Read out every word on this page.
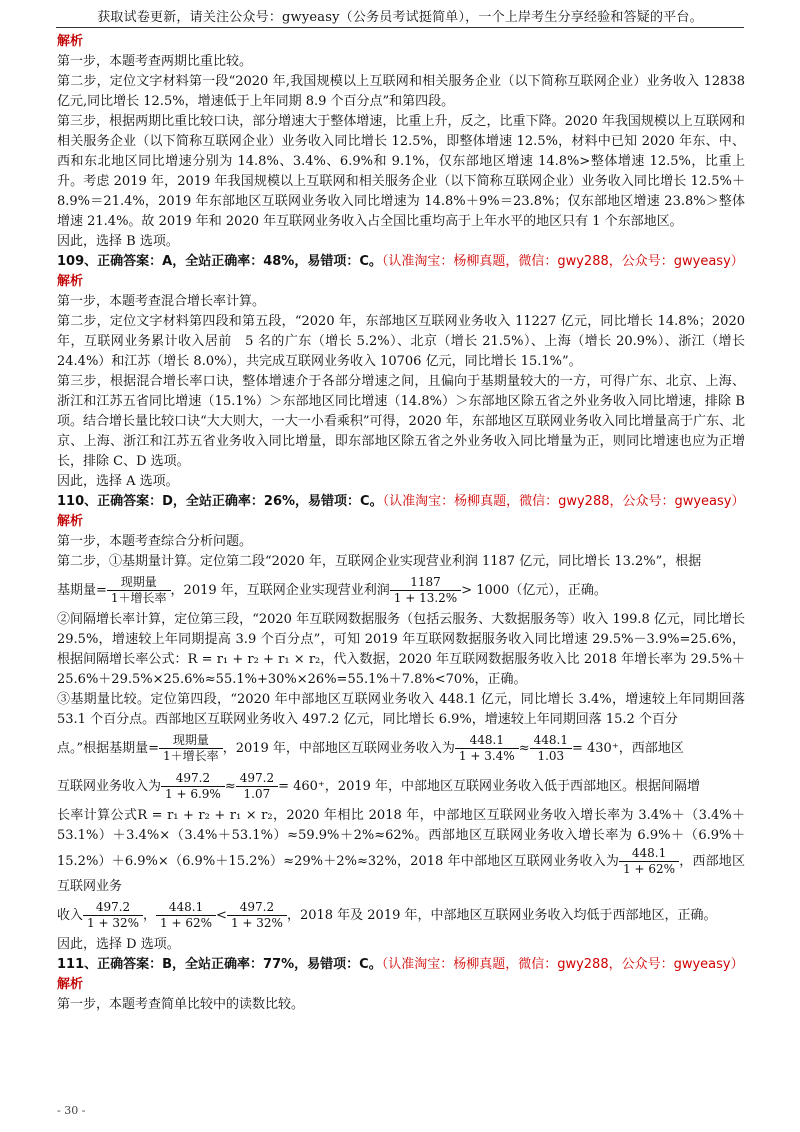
获取试卷更新，请关注公众号：gwyeasy（公务员考试挺简单），一个上岸考生分享经验和答疑的平台。

解析

第一步，本题考查两期比重比较。

第二步，定位文字材料第一段“2020 年,我国规模以上互联网和相关服务企业（以下简称互联网企业）业务收入 12838 亿元,同比增长 12.5%，增速低于上年同期 8.9 个百分点”和第四段。

第三步，根据两期比重比较口诀，部分增速大于整体增速，比重上升，反之，比重下降。2020 年我国规模以上互联网和相关服务企业（以下简称互联网企业）业务收入同比增长 12.5%，即整体增速 12.5%，材料中已知 2020 年东、中、西和东北地区同比增速分别为 14.8%、3.4%、6.9%和 9.1%，仅东部地区增速 14.8%>整体增速 12.5%，比重上升。考虑 2019 年，2019 年我国规模以上互联网和相关服务企业（以下简称互联网企业）业务收入同比增长 12.5%＋8.9%＝21.4%，2019 年东部地区互联网业务收入同比增速为 14.8%＋9%＝23.8%；仅东部地区增速 23.8%＞整体增速 21.4%。故 2019 年和 2020 年互联网业务收入占全国比重均高于上年水平的地区只有 1 个东部地区。

因此，选择 B 选项。

109、正确答案：A，全站正确率：48%，易错项：C。（认准淘宝：杨柳真题，微信：gwy288，公众号：gwyeasy）

解析

第一步，本题考查混合增长率计算。

第二步，定位文字材料第四段和第五段，“2020 年，东部地区互联网业务收入 11227 亿元，同比增长 14.8%；2020 年，互联网业务累计收入居前　5 名的广东（增长 5.2%）、北京（增长 21.5%）、上海（增长 20.9%）、浙江（增长 24.4%）和江苏（增长 8.0%），共完成互联网业务收入 10706 亿元，同比增长 15.1%”。

第三步，根据混合增长率口诀，整体增速介于各部分增速之间，且偏向于基期量较大的一方，可得广东、北京、上海、浙江和江苏五省同比增速（15.1%）＞东部地区同比增速（14.8%）＞东部地区除五省之外业务收入同比增速，排除 B 项。结合增长量比较口诀“大大则大，一大一小看乘积”可得，2020 年，东部地区互联网业务收入同比增量高于广东、北京、上海、浙江和江苏五省业务收入同比增量，即东部地区除五省之外业务收入同比增量为正，则同比增速也应为正增长，排除 C、D 选项。

因此，选择 A 选项。

110、正确答案：D，全站正确率：26%，易错项：C。（认准淘宝：杨柳真题，微信：gwy288，公众号：gwyeasy）

解析

第一步，本题考查综合分析问题。

第二步，①基期量计算。定位第二段“2020 年，互联网企业实现营业利润 1187 亿元，同比增长 13.2%”，根据

基期量= $\frac{\text{现期量}}{\text{1＋增长率}}$ ，2019 年，互联网企业实现营业利润 $\frac{1187}{1 + 13.2\%} > 1000$（亿元），正确。

②间隔增长率计算，定位第三段，“2020 年互联网数据服务（包括云服务、大数据服务等）收入 199.8 亿元，同比增长 29.5%，增速较上年同期提高 3.9 个百分点”，可知 2019 年互联网数据服务收入同比增速 29.5%－3.9%=25.6%，根据间隔增长率公式：R = r₁ + r₂ + r₁ × r₂，代入数据，2020 年互联网数据服务收入比 2018 年增长率为 29.5%＋25.6%＋29.5%×25.6%≈55.1%+30%×26%=55.1%＋7.8%<70%，正确。

③基期量比较。定位第四段，“2020 年中部地区互联网业务收入 448.1 亿元，同比增长 3.4%，增速较上年同期回落 53.1 个百分点。西部地区互联网业务收入 497.2 亿元，同比增长 6.9%，增速较上年同期回落 15.2 个百分

点。”根据基期量= $\frac{\text{现期量}}{\text{1＋增长率}}$ ，2019 年，中部地区互联网业务收入为 $\frac{448.1}{1 + 3.4\%} \approx \frac{448.1}{1.03} = 430^+$，西部地区

互联网业务收入为 $\frac{497.2}{1 + 6.9\%} \approx \frac{497.2}{1.07} = 460^+$，2019 年，中部地区互联网业务收入低于西部地区。根据间隔增

长率计算公式R = r₁ + r₂ + r₁ × r₂，2020 年相比 2018 年，中部地区互联网业务收入增长率为 3.4%＋（3.4%＋53.1%）＋3.4%×（3.4%＋53.1%）≈59.9%＋2%≈62%。西部地区互联网业务收入增长率为 6.9%＋（6.9%＋15.2%）＋6.9%×（6.9%＋15.2%）≈29%＋2%≈32%，2018 年中部地区互联网业务收入为 $\frac{448.1}{1 + 62\%}$ ，西部地区互联网业务

收入 $\frac{497.2}{1 + 32\%}$ ， $\frac{448.1}{1 + 62\%} < \frac{497.2}{1 + 32\%}$ ，2018 年及 2019 年，中部地区互联网业务收入均低于西部地区，正确。

因此，选择 D 选项。

111、正确答案：B，全站正确率：77%，易错项：C。（认准淘宝：杨柳真题，微信：gwy288，公众号：gwyeasy）

解析

第一步，本题考查简单比较中的读数比较。

- 30 -
